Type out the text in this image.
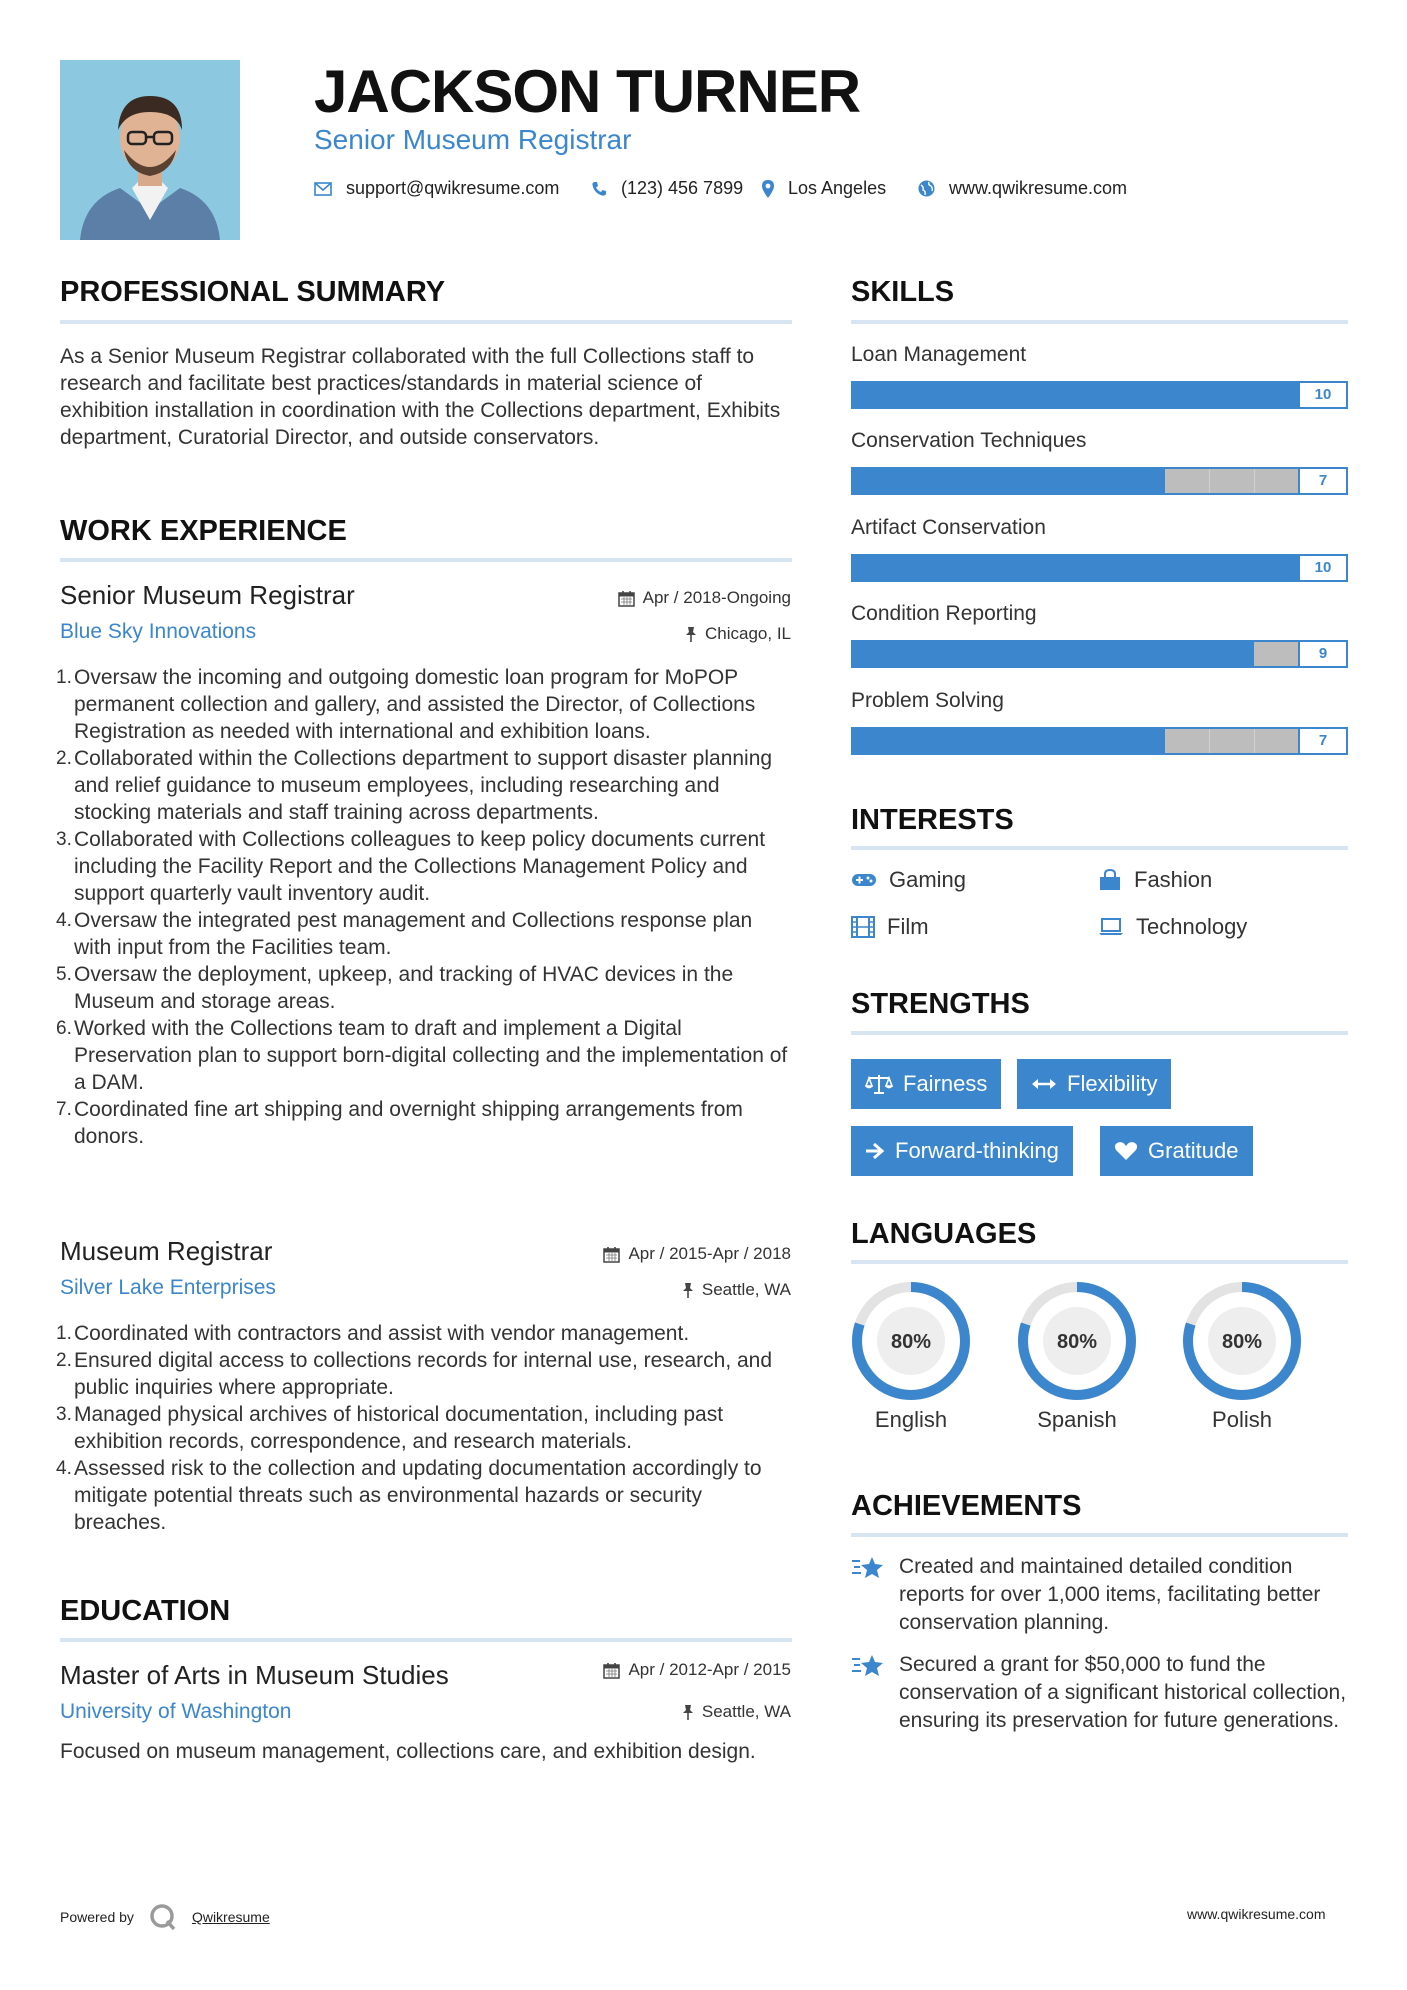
JACKSON TURNER
Senior Museum Registrar
support@qwikresume.com	(123) 456 7899 Los Angeles	www.qwikresume.com
PROFESSIONAL SUMMARY
As a Senior Museum Registrar collaborated with the full Collections staff to research and facilitate best practices/standards in material science of exhibition installation in coordination with the Collections department, Exhibits department, Curatorial Director, and outside conservators.
WORK EXPERIENCE
Senior Museum Registrar	Apr / 2018-Ongoing
Blue Sky Innovations	Chicago, IL
1. Oversaw the incoming and outgoing domestic loan program for MoPOP permanent collection and gallery, and assisted the Director, of Collections Registration as needed with international and exhibition loans.
2. Collaborated within the Collections department to support disaster planning and relief guidance to museum employees, including researching and stocking materials and staff training across departments.
3. Collaborated with Collections colleagues to keep policy documents current including the Facility Report and the Collections Management Policy and support quarterly vault inventory audit.
4. Oversaw the integrated pest management and Collections response plan with input from the Facilities team.
5. Oversaw the deployment, upkeep, and tracking of HVAC devices in the Museum and storage areas.
6. Worked with the Collections team to draft and implement a Digital Preservation plan to support born-digital collecting and the implementation of a DAM.
7. Coordinated fine art shipping and overnight shipping arrangements from donors.
Museum Registrar	Apr / 2015-Apr / 2018
Silver Lake Enterprises	Seattle, WA
1. Coordinated with contractors and assist with vendor management.
2. Ensured digital access to collections records for internal use, research, and public inquiries where appropriate.
3. Managed physical archives of historical documentation, including past exhibition records, correspondence, and research materials.
4. Assessed risk to the collection and updating documentation accordingly to mitigate potential threats such as environmental hazards or security breaches.
EDUCATION
Master of Arts in Museum Studies	Apr / 2012-Apr / 2015
University of Washington	Seattle, WA
Focused on museum management, collections care, and exhibition design.
SKILLS
Loan Management
10
Conservation Techniques
7
Artifact Conservation
10
Condition Reporting
9
Problem Solving
7
INTERESTS
Gaming	Fashion
Film	Technology
STRENGTHS
Fairness	Flexibility
Forward-thinking	Gratitude
LANGUAGES
80%
English
80%
Spanish
80%
Polish
ACHIEVEMENTS
Created and maintained detailed condition reports for over 1,000 items, facilitating better conservation planning.
Secured a grant for $50,000 to fund the conservation of a significant historical collection, ensuring its preservation for future generations.
Powered by	Qwikresume	www.qwikresume.com
